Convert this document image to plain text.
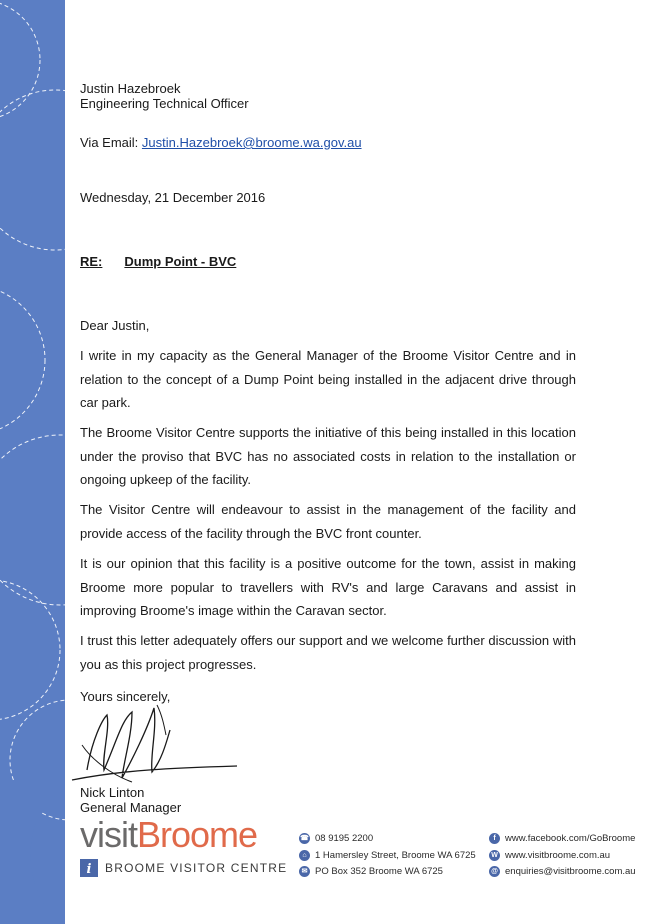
Justin Hazebroek
Engineering Technical Officer
Via Email: Justin.Hazebroek@broome.wa.gov.au
Wednesday, 21 December 2016
RE: Dump Point - BVC
Dear Justin,
I write in my capacity as the General Manager of the Broome Visitor Centre and in relation to the concept of a Dump Point being installed in the adjacent drive through car park.
The Broome Visitor Centre supports the initiative of this being installed in this location under the proviso that BVC has no associated costs in relation to the installation or ongoing upkeep of the facility.
The Visitor Centre will endeavour to assist in the management of the facility and provide access of the facility through the BVC front counter.
It is our opinion that this facility is a positive outcome for the town, assist in making Broome more popular to travellers with RV's and large Caravans and assist in improving Broome's image within the Caravan sector.
I trust this letter adequately offers our support and we welcome further discussion with you as this project progresses.
Yours sincerely,
Nick Linton
General Manager
visitBroome
i BROOME VISITOR CENTRE
☎ 08 9195 2200
⌂ 1 Hamersley Street, Broome WA 6725
✉ PO Box 352 Broome WA 6725
f www.facebook.com/GoBroome
W www.visitbroome.com.au
@ enquiries@visitbroome.com.au
